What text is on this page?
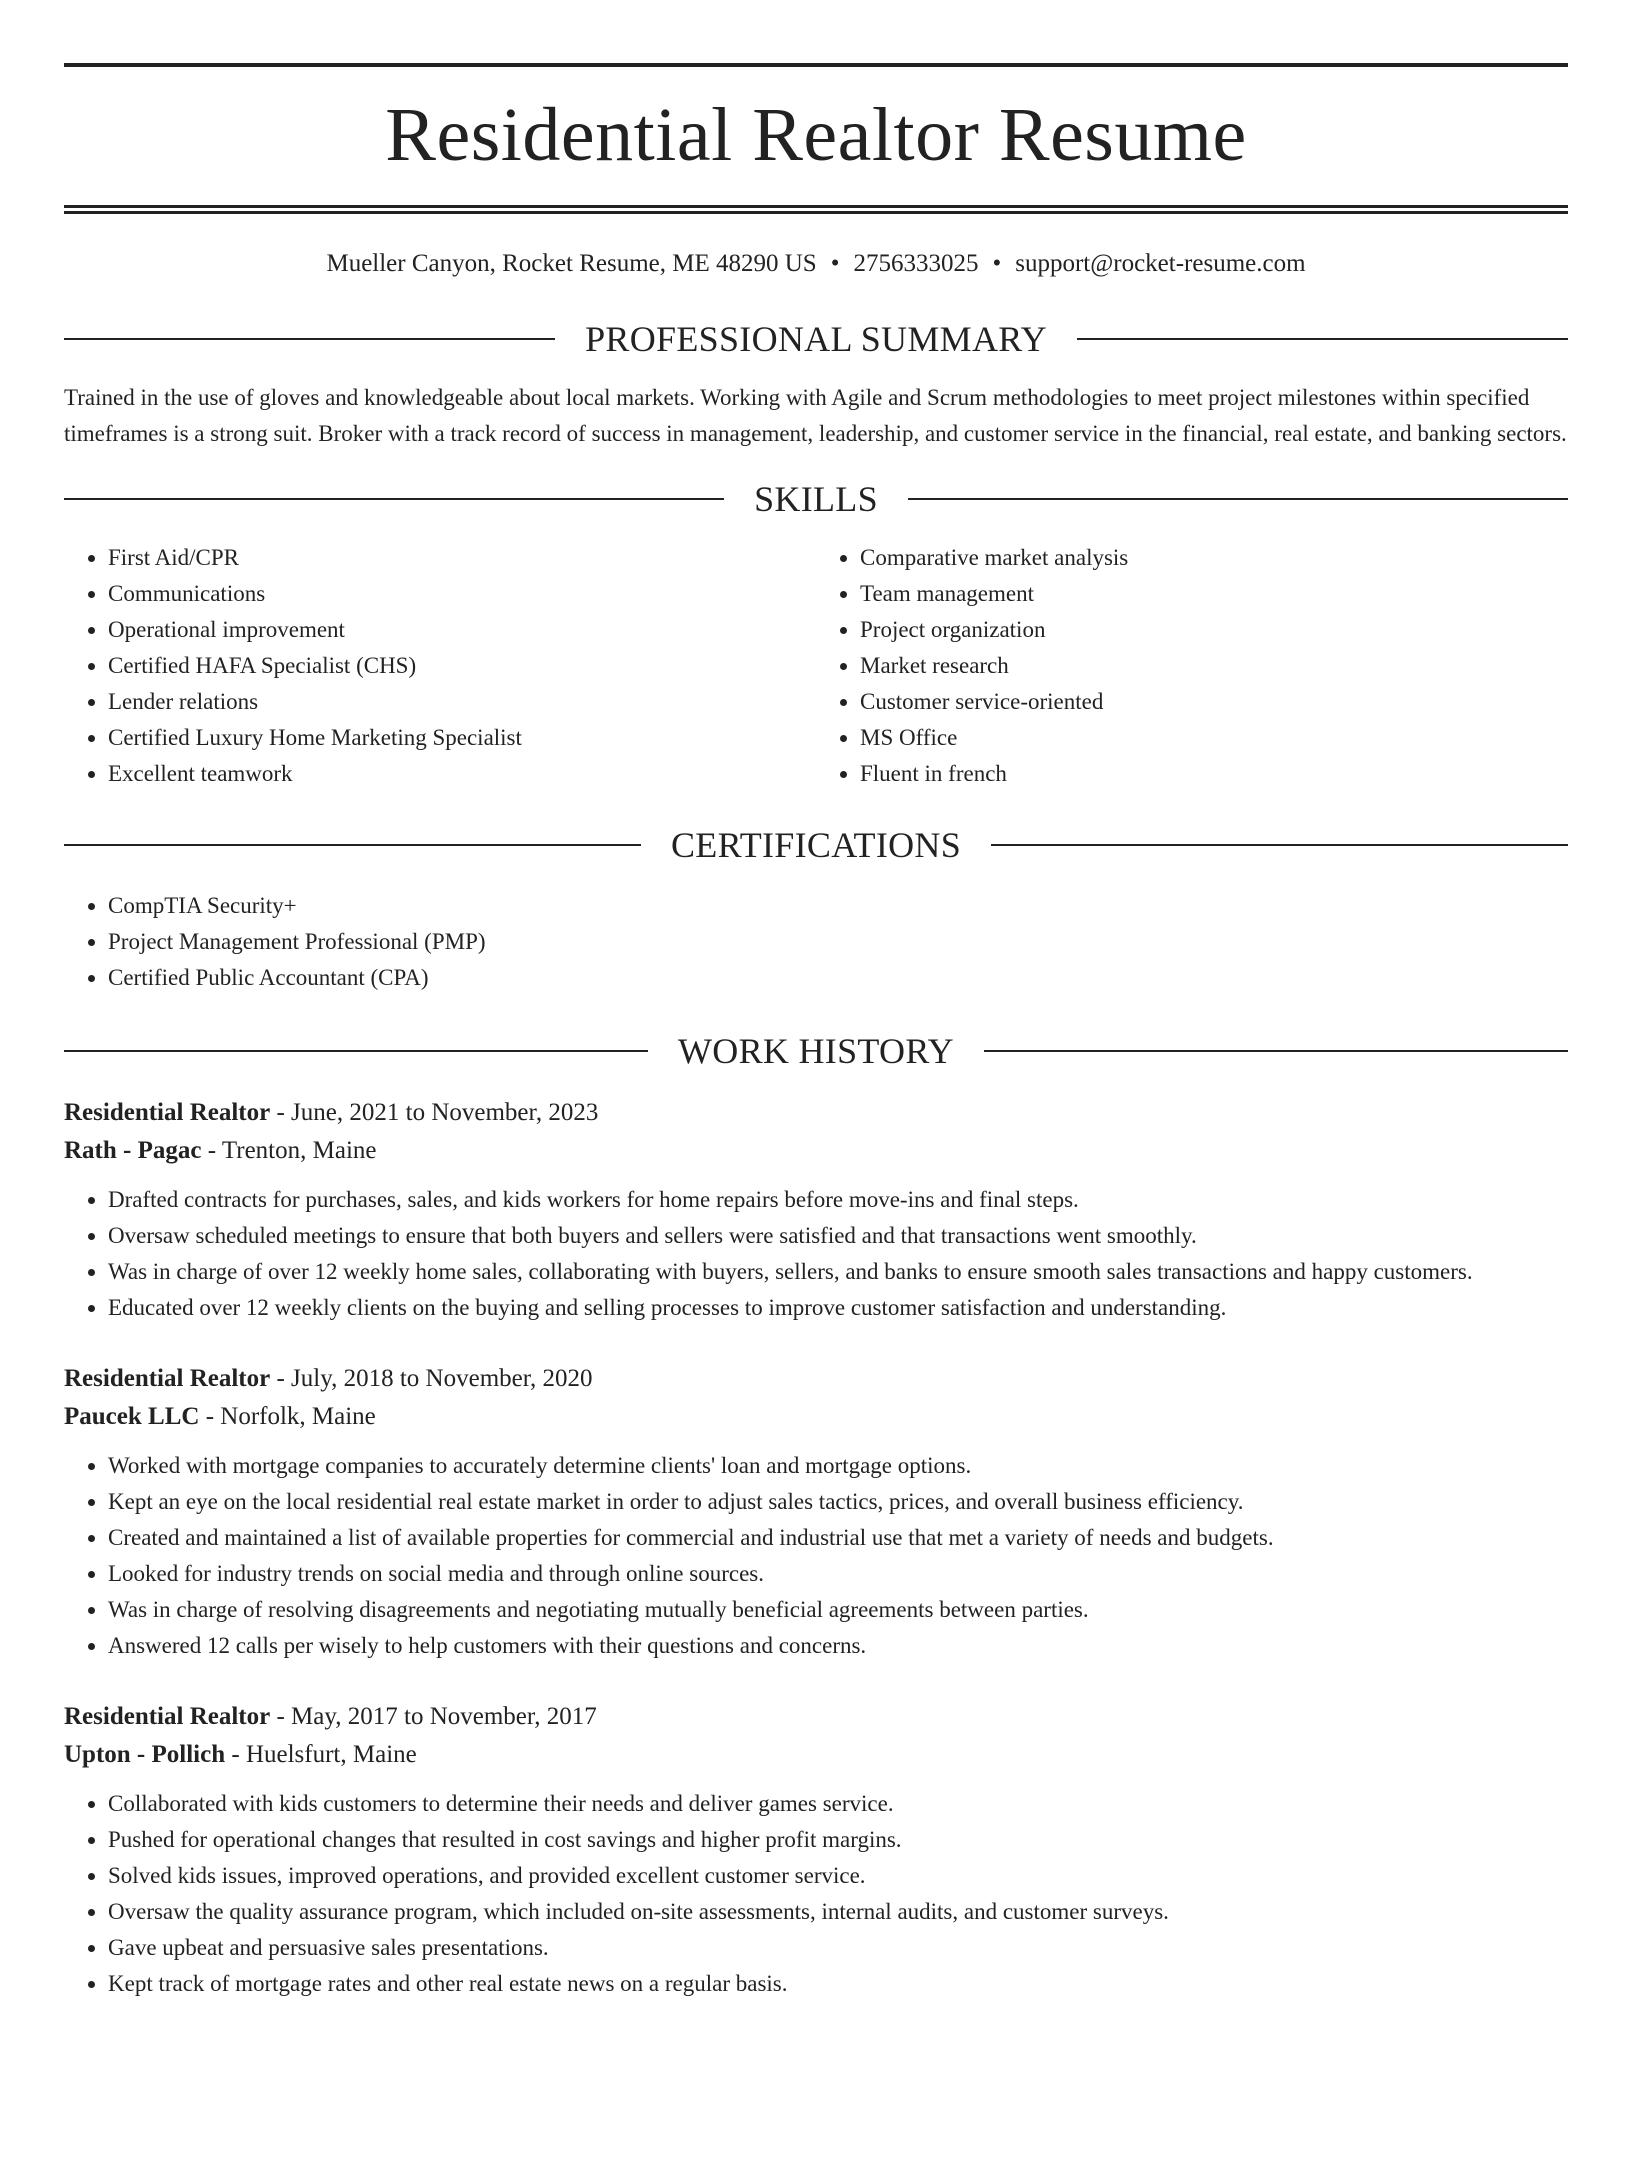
Residential Realtor Resume
Mueller Canyon, Rocket Resume, ME 48290 US • 2756333025 • support@rocket-resume.com
PROFESSIONAL SUMMARY

Trained in the use of gloves and knowledgeable about local markets. Working with Agile and Scrum methodologies to meet project milestones within specified timeframes is a strong suit. Broker with a track record of success in management, leadership, and customer service in the financial, real estate, and banking sectors.

SKILLS
• First Aid/CPR
• Communications
• Operational improvement
• Certified HAFA Specialist (CHS)
• Lender relations
• Certified Luxury Home Marketing Specialist
• Excellent teamwork
• Comparative market analysis
• Team management
• Project organization
• Market research
• Customer service-oriented
• MS Office
• Fluent in french
CERTIFICATIONS
• CompTIA Security+
• Project Management Professional (PMP)
• Certified Public Accountant (CPA)
WORK HISTORY
Residential Realtor - June, 2021 to November, 2023
Rath - Pagac - Trenton, Maine
• Drafted contracts for purchases, sales, and kids workers for home repairs before move-ins and final steps.
• Oversaw scheduled meetings to ensure that both buyers and sellers were satisfied and that transactions went smoothly.
• Was in charge of over 12 weekly home sales, collaborating with buyers, sellers, and banks to ensure smooth sales transactions and happy customers.
• Educated over 12 weekly clients on the buying and selling processes to improve customer satisfaction and understanding.
Residential Realtor - July, 2018 to November, 2020
Paucek LLC - Norfolk, Maine
• Worked with mortgage companies to accurately determine clients' loan and mortgage options.
• Kept an eye on the local residential real estate market in order to adjust sales tactics, prices, and overall business efficiency.
• Created and maintained a list of available properties for commercial and industrial use that met a variety of needs and budgets.
• Looked for industry trends on social media and through online sources.
• Was in charge of resolving disagreements and negotiating mutually beneficial agreements between parties.
• Answered 12 calls per wisely to help customers with their questions and concerns.
Residential Realtor - May, 2017 to November, 2017
Upton - Pollich - Huelsfurt, Maine
• Collaborated with kids customers to determine their needs and deliver games service.
• Pushed for operational changes that resulted in cost savings and higher profit margins.
• Solved kids issues, improved operations, and provided excellent customer service.
• Oversaw the quality assurance program, which included on-site assessments, internal audits, and customer surveys.
• Gave upbeat and persuasive sales presentations.
• Kept track of mortgage rates and other real estate news on a regular basis.
